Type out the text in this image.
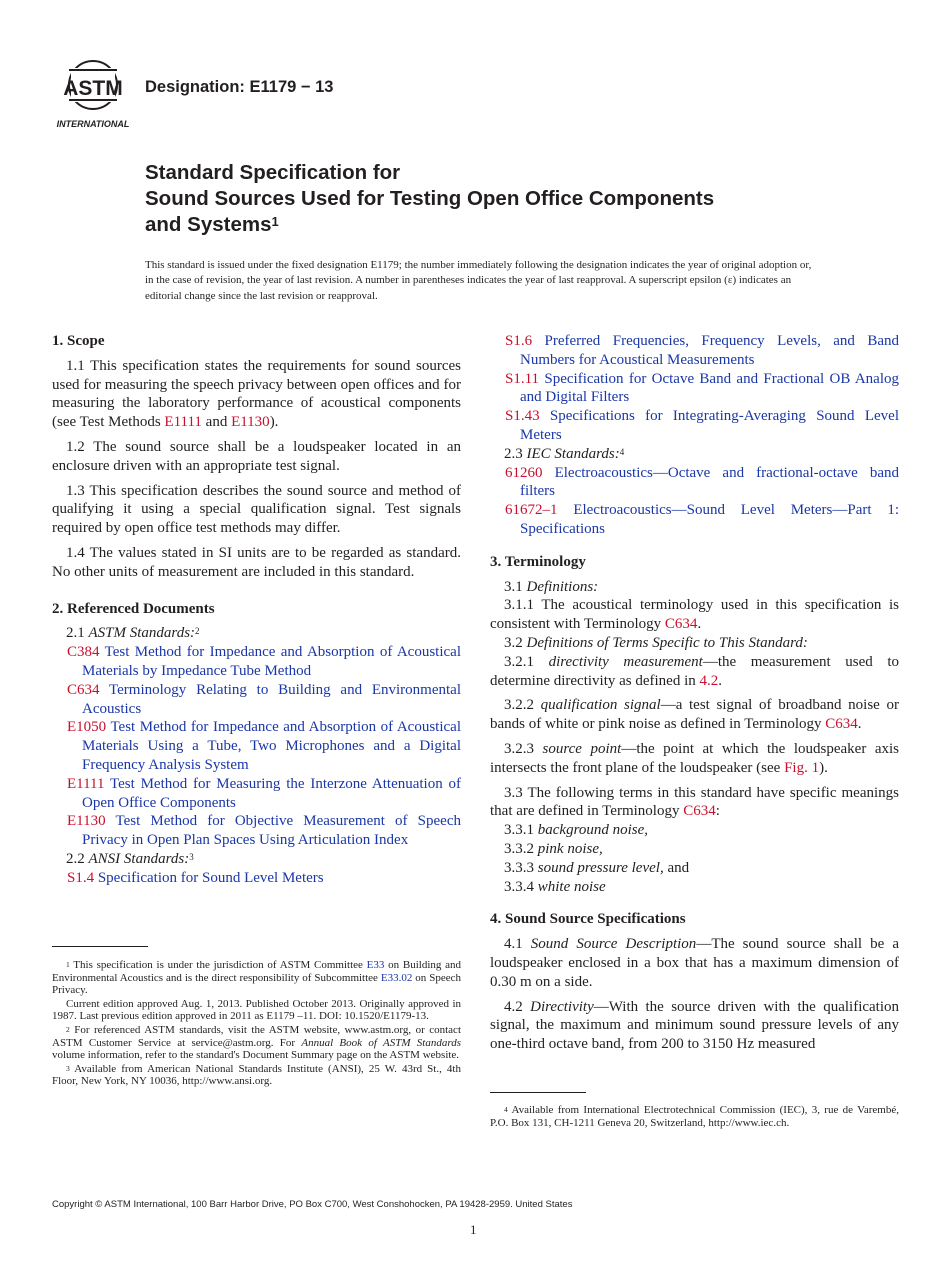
ASTM
INTERNATIONAL
Designation: E1179 − 13
Standard Specification for
Sound Sources Used for Testing Open Office Components
and Systems$^1$
This standard is issued under the fixed designation E1179; the number immediately following the designation indicates the year of original adoption or, in the case of revision, the year of last revision. A number in parentheses indicates the year of last reapproval. A superscript epsilon (ε) indicates an editorial change since the last revision or reapproval.
1. Scope

1.1 This specification states the requirements for sound sources used for measuring the speech privacy between open offices and for measuring the laboratory performance of acoustical components (see Test Methods E1111 and E1130).

1.2 The sound source shall be a loudspeaker located in an enclosure driven with an appropriate test signal.

1.3 This specification describes the sound source and method of qualifying it using a special qualification signal. Test signals required by open office test methods may differ.

1.4 The values stated in SI units are to be regarded as standard. No other units of measurement are included in this standard.

2. Referenced Documents

2.1 ASTM Standards:$^2$

C384 Test Method for Impedance and Absorption of Acoustical Materials by Impedance Tube Method
C634 Terminology Relating to Building and Environmental Acoustics
E1050 Test Method for Impedance and Absorption of Acoustical Materials Using a Tube, Two Microphones and a Digital Frequency Analysis System
E1111 Test Method for Measuring the Interzone Attenuation of Open Office Components
E1130 Test Method for Objective Measurement of Speech Privacy in Open Plan Spaces Using Articulation Index

2.2 ANSI Standards:$^3$

S1.4 Specification for Sound Level Meters
S1.6 Preferred Frequencies, Frequency Levels, and Band Numbers for Acoustical Measurements
S1.11 Specification for Octave Band and Fractional OB Analog and Digital Filters
S1.43 Specifications for Integrating-Averaging Sound Level Meters

2.3 IEC Standards:$^4$

61260 Electroacoustics—Octave and fractional-octave band filters
61672–1 Electroacoustics—Sound Level Meters—Part 1: Specifications
3. Terminology

3.1 Definitions:

3.1.1 The acoustical terminology used in this specification is consistent with Terminology C634.

3.2 Definitions of Terms Specific to This Standard:

3.2.1 directivity measurement—the measurement used to determine directivity as defined in 4.2.

3.2.2 qualification signal—a test signal of broadband noise or bands of white or pink noise as defined in Terminology C634.

3.2.3 source point—the point at which the loudspeaker axis intersects the front plane of the loudspeaker (see Fig. 1).

3.3 The following terms in this standard have specific meanings that are defined in Terminology C634:

3.3.1 background noise,

3.3.2 pink noise,

3.3.3 sound pressure level, and

3.3.4 white noise

4. Sound Source Specifications

4.1 Sound Source Description—The sound source shall be a loudspeaker enclosed in a box that has a maximum dimension of 0.30 m on a side.

4.2 Directivity—With the source driven with the qualification signal, the maximum and minimum sound pressure levels of any one-third octave band, from 200 to 3150 Hz measured

$^1$ This specification is under the jurisdiction of ASTM Committee E33 on Building and Environmental Acoustics and is the direct responsibility of Subcommittee E33.02 on Speech Privacy.

Current edition approved Aug. 1, 2013. Published October 2013. Originally approved in 1987. Last previous edition approved in 2011 as E1179 –11. DOI: 10.1520/E1179-13.

$^2$ For referenced ASTM standards, visit the ASTM website, www.astm.org, or contact ASTM Customer Service at service@astm.org. For Annual Book of ASTM Standards volume information, refer to the standard's Document Summary page on the ASTM website.

$^3$ Available from American National Standards Institute (ANSI), 25 W. 43rd St., 4th Floor, New York, NY 10036, http://www.ansi.org.

$^4$ Available from International Electrotechnical Commission (IEC), 3, rue de Varembé, P.O. Box 131, CH-1211 Geneva 20, Switzerland, http://www.iec.ch.

Copyright © ASTM International, 100 Barr Harbor Drive, PO Box C700, West Conshohocken, PA 19428-2959. United States
1
